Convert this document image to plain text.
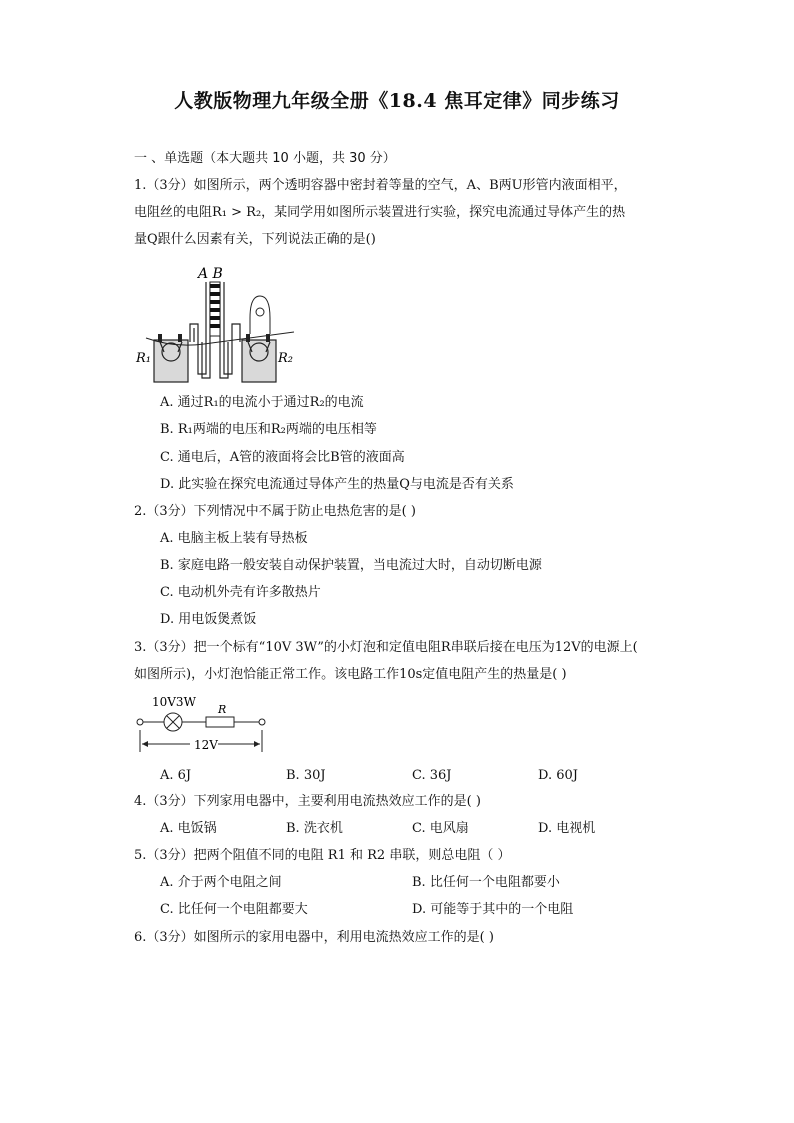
人教版物理九年级全册《18.4 焦耳定律》同步练习
一 、单选题（本大题共 10 小题，共 30 分）
1.（3分）如图所示，两个透明容器中密封着等量的空气，A、B两U形管内液面相平，
电阻丝的电阻R₁ > R₂，某同学用如图所示装置进行实验，探究电流通过导体产生的热
量Q跟什么因素有关，下列说法正确的是()
A B
R₁	R₂
A. 通过R₁的电流小于通过R₂的电流
B. R₁两端的电压和R₂两端的电压相等
C. 通电后，A管的液面将会比B管的液面高
D. 此实验在探究电流通过导体产生的热量Q与电流是否有关系
2.（3分）下列情况中不属于防止电热危害的是( )
A. 电脑主板上装有导热板
B. 家庭电路一般安装自动保护装置，当电流过大时，自动切断电源
C. 电动机外壳有许多散热片
D. 用电饭煲煮饭
3.（3分）把一个标有“10V 3W”的小灯泡和定值电阻R串联后接在电压为12V的电源上(
如图所示)，小灯泡恰能正常工作。该电路工作10s定值电阻产生的热量是( )
10V3W
R
12V
A. 6J	B. 30J	C. 36J	D. 60J
4.（3分）下列家用电器中，主要利用电流热效应工作的是( )
A. 电饭锅	B. 洗衣机	C. 电风扇	D. 电视机
5.（3分）把两个阻值不同的电阻 R1 和 R2 串联，则总电阻（ ）
A. 介于两个电阻之间	B. 比任何一个电阻都要小
C. 比任何一个电阻都要大	D. 可能等于其中的一个电阻
6.（3分）如图所示的家用电器中，利用电流热效应工作的是( )
